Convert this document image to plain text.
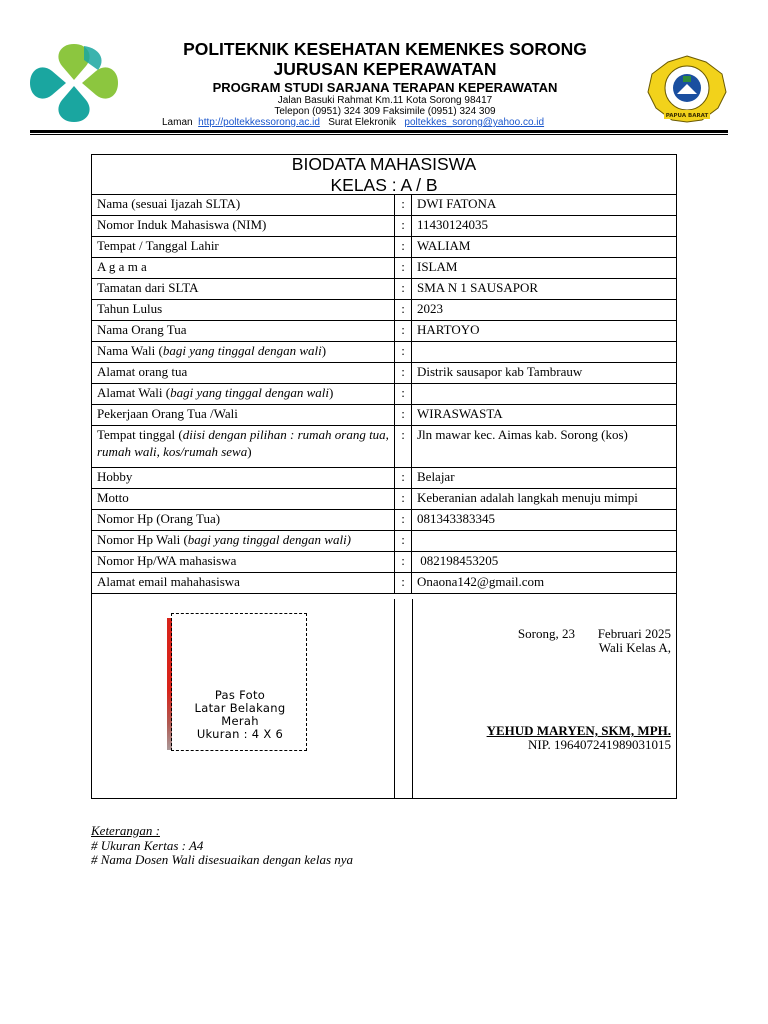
PAPUA BARAT
POLITEKNIK KESEHATAN KEMENKES SORONG
JURUSAN KEPERAWATAN
PROGRAM STUDI SARJANA TERAPAN KEPERAWATAN
Jalan Basuki Rahmat Km.11 Kota Sorong 98417
Telepon (0951) 324 309 Faksimile (0951) 324 309
Laman http://poltekkessorong.ac.id Surat Elekronik poltekkes_sorong@yahoo.co.id
BIODATA MAHASISWA
KELAS : A / B
Nama (sesuai Ijazah SLTA)	:	DWI FATONA
Nomor Induk Mahasiswa (NIM)	:	11430124035
Tempat / Tanggal Lahir	:	WALIAM
A g a m a	:	ISLAM
Tamatan dari SLTA	:	SMA N 1 SAUSAPOR
Tahun Lulus	:	2023
Nama Orang Tua	:	HARTOYO
Nama Wali (bagi yang tinggal dengan wali)	:	
Alamat orang tua	:	Distrik sausapor kab Tambrauw
Alamat Wali (bagi yang tinggal dengan wali)	:	
Pekerjaan Orang Tua /Wali	:	WIRASWASTA
Tempat tinggal (diisi dengan pilihan : rumah orang tua, rumah wali, kos/rumah sewa)	:	Jln mawar kec. Aimas kab. Sorong (kos)
Hobby	:	Belajar
Motto	:	Keberanian adalah langkah menuju mimpi
Nomor Hp (Orang Tua)	:	081343383345
Nomor Hp Wali (bagi yang tinggal dengan wali)	:	
Nomor Hp/WA mahasiswa	:	082198453205
Alamat email mahahasiswa	:	Onaona142@gmail.com
Pas Foto
Latar Belakang
Merah
Ukuran : 4 X 6
Sorong, 23       Februari 2025
Wali Kelas A,
YEHUD MARYEN, SKM, MPH.
NIP. 196407241989031015
Keterangan :
# Ukuran Kertas : A4
# Nama Dosen Wali disesuaikan dengan kelas nya
